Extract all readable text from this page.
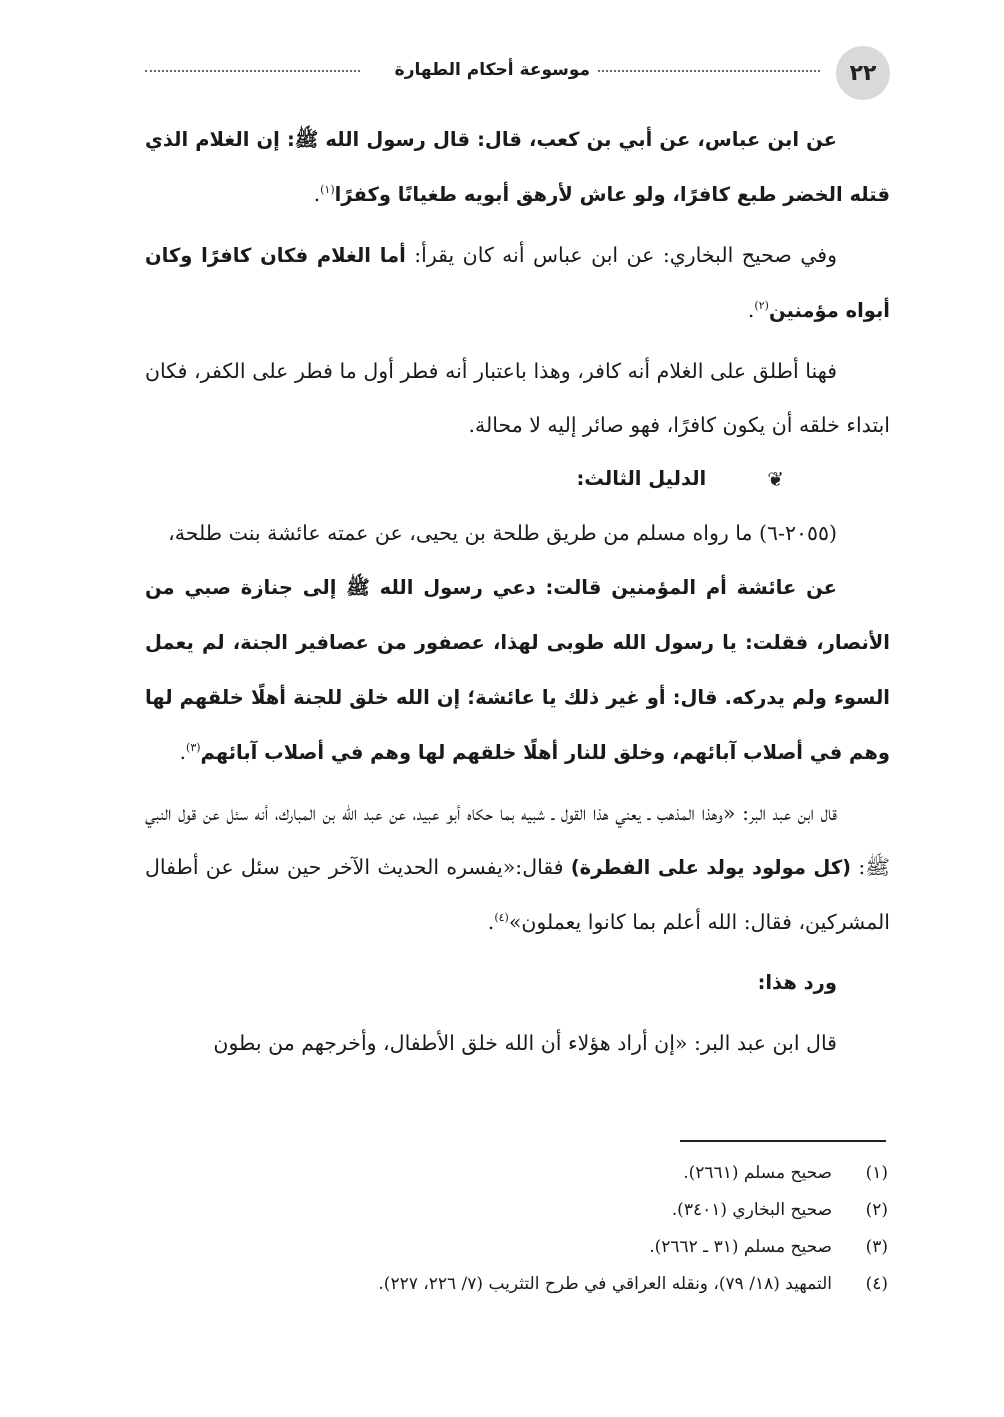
موسوعة أحكام الطهارة	٢٢

عن ابن عباس، عن أبي بن كعب، قال: قال رسول الله ﷺ: إن الغلام الذي قتله الخضر طبع كافرًا، ولو عاش لأرهق أبويه طغيانًا وكفرًا$^{(١)}$.

وفي صحيح البخاري: عن ابن عباس أنه كان يقرأ: أما الغلام فكان كافرًا وكان أبواه مؤمنين$^{(٢)}$.

فهنا أطلق على الغلام أنه كافر، وهذا باعتبار أنه فطر أول ما فطر على الكفر، فكان ابتداء خلقه أن يكون كافرًا، فهو صائر إليه لا محالة.

❦
الدليل الثالث:

(٢٠٥٥-٦) ما رواه مسلم من طريق طلحة بن يحيى، عن عمته عائشة بنت طلحة،

عن عائشة أم المؤمنين قالت: دعي رسول الله ﷺ إلى جنازة صبي من الأنصار، فقلت: يا رسول الله طوبى لهذا، عصفور من عصافير الجنة، لم يعمل السوء ولم يدركه. قال: أو غير ذلك يا عائشة؛ إن الله خلق للجنة أهلًا خلقهم لها وهم في أصلاب آبائهم، وخلق للنار أهلًا خلقهم لها وهم في أصلاب آبائهم$^{(٣)}$.

قال ابن عبد البر: «وهذا المذهب ـ يعني هذا القول ـ شبيه بما حكاه أبو عبيد، عن عبد الله بن المبارك، أنه سئل عن قول النبي ﷺ: (كل مولود يولد على الفطرة) فقال:«يفسره الحديث الآخر حين سئل عن أطفال المشركين، فقال: الله أعلم بما كانوا يعملون»$^{(٤)}$.

ورد هذا:

قال ابن عبد البر: «إن أراد هؤلاء أن الله خلق الأطفال، وأخرجهم من بطون

(١)صحيح مسلم (٢٦٦١).
(٢)صحيح البخاري (٣٤٠١).
(٣)صحيح مسلم (٣١ ـ ٢٦٦٢).
(٤)التمهيد (١٨/ ٧٩)، ونقله العراقي في طرح التثريب (٧/ ٢٢٦، ٢٢٧).
